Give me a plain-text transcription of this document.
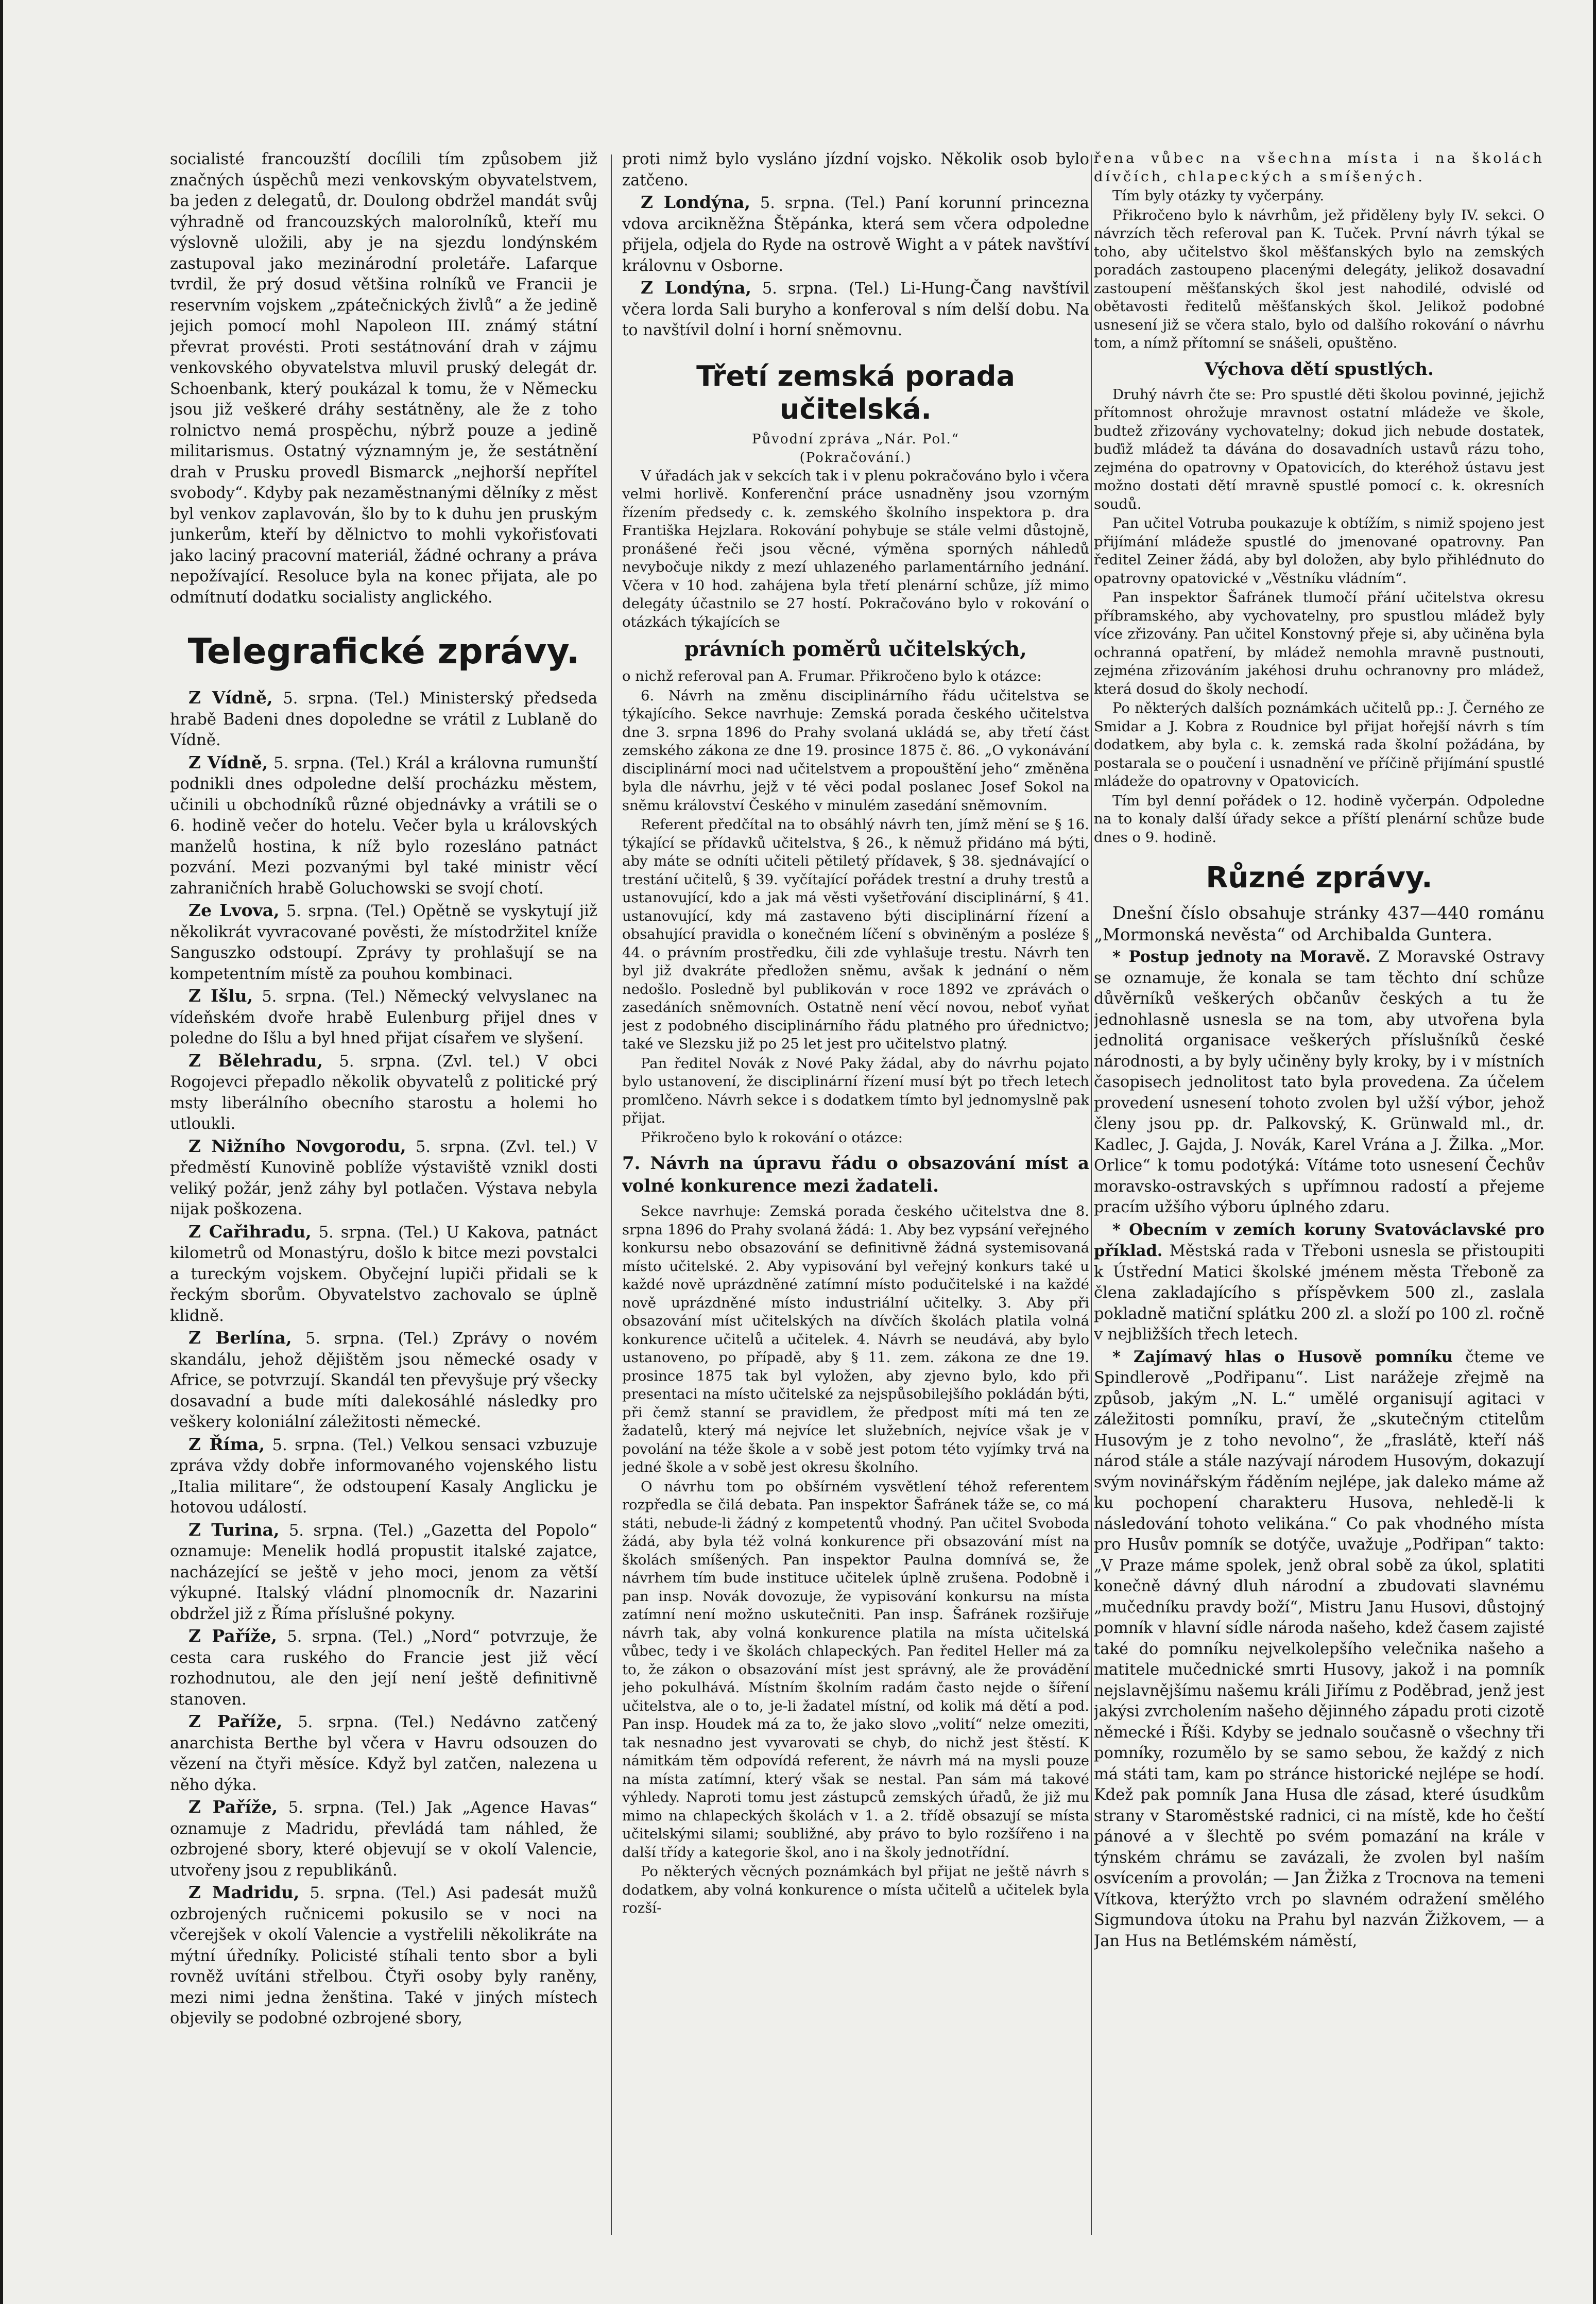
socialisté francouzští docílili tím způsobem již značných úspěchů mezi venkovským obyvatelstvem, ba jeden z delegatů, dr. Doulong obdržel mandát svůj výhradně od francouzských malorolníků, kteří mu výslovně uložili, aby je na sjezdu londýnském zastupoval jako mezinárodní proletáře. Lafarque tvrdil, že prý dosud většina rolníků ve Francii je reservním vojskem „zpátečnických živlů“ a že jedině jejich pomocí mohl Napoleon III. známý státní převrat provésti. Proti sestátnování drah v zájmu venkovského obyvatelstva mluvil pruský delegát dr. Schoenbank, který poukázal k tomu, že v Německu jsou již veškeré dráhy sestátněny, ale že z toho rolnictvo nemá prospěchu, nýbrž pouze a jedině militarismus. Ostatný významným je, že sestátnění drah v Prusku provedl Bismarck „nejhorší nepřítel svobody“. Kdyby pak nezaměstnanými dělníky z měst byl venkov zaplavován, šlo by to k duhu jen pruským junkerům, kteří by dělnictvo to mohli vykořisťovati jako laciný pracovní materiál, žádné ochrany a práva nepožívající. Resoluce byla na konec přijata, ale po odmítnutí dodatku socialisty anglického.

Telegrafické zprávy.

Z Vídně, 5. srpna. (Tel.) Ministerský předseda hrabě Badeni dnes dopoledne se vrátil z Lublaně do Vídně.

Z Vídně, 5. srpna. (Tel.) Král a královna rumunští podnikli dnes odpoledne delší procházku městem, učinili u obchodníků různé objednávky a vrátili se o 6. hodině večer do hotelu. Večer byla u královských manželů hostina, k níž bylo rozesláno patnáct pozvání. Mezi pozvanými byl také ministr věcí zahraničních hrabě Goluchowski se svojí chotí.

Ze Lvova, 5. srpna. (Tel.) Opětně se vyskytují již několikrát vyvracované pověsti, že místodržitel kníže Sanguszko odstoupí. Zprávy ty prohlašují se na kompetentním místě za pouhou kombinaci.

Z Išlu, 5. srpna. (Tel.) Německý velvyslanec na vídeňském dvoře hrabě Eulenburg přijel dnes v poledne do Išlu a byl hned přijat císařem ve slyšení.

Z Bělehradu, 5. srpna. (Zvl. tel.) V obci Rogojevci přepadlo několik obyvatelů z politické prý msty liberálního obecního starostu a holemi ho utloukli.

Z Nižního Novgorodu, 5. srpna. (Zvl. tel.) V předměstí Kunovině poblíže výstaviště vznikl dosti veliký požár, jenž záhy byl potlačen. Výstava nebyla nijak poškozena.

Z Cařihradu, 5. srpna. (Tel.) U Kakova, patnáct kilometrů od Monastýru, došlo k bitce mezi povstalci a tureckým vojskem. Obyčejní lupiči přidali se k řeckým sborům. Obyvatelstvo zachovalo se úplně klidně.

Z Berlína, 5. srpna. (Tel.) Zprávy o novém skandálu, jehož dějištěm jsou německé osady v Africe, se potvrzují. Skandál ten převyšuje prý všecky dosavadní a bude míti dalekosáhlé následky pro veškery koloniální záležitosti německé.

Z Říma, 5. srpna. (Tel.) Velkou sensaci vzbuzuje zpráva vždy dobře informovaného vojenského listu „Italia militare“, že odstoupení Kasaly Anglicku je hotovou událostí.

Z Turina, 5. srpna. (Tel.) „Gazetta del Popolo“ oznamuje: Menelik hodlá propustit italské zajatce, nacházející se ještě v jeho moci, jenom za větší výkupné. Italský vládní plnomocník dr. Nazarini obdržel již z Říma příslušné pokyny.

Z Paříže, 5. srpna. (Tel.) „Nord“ potvrzuje, že cesta cara ruského do Francie jest již věcí rozhodnutou, ale den její není ještě definitivně stanoven.

Z Paříže, 5. srpna. (Tel.) Nedávno zatčený anarchista Berthe byl včera v Havru odsouzen do vězení na čtyři měsíce. Když byl zatčen, nalezena u něho dýka.

Z Paříže, 5. srpna. (Tel.) Jak „Agence Havas“ oznamuje z Madridu, převládá tam náhled, že ozbrojené sbory, které objevují se v okolí Valencie, utvořeny jsou z republikánů.

Z Madridu, 5. srpna. (Tel.) Asi padesát mužů ozbrojených ručnicemi pokusilo se v noci na včerejšek v okolí Valencie a vystřelili několikráte na mýtní úředníky. Policisté stíhali tento sbor a byli rovněž uvítáni střelbou. Čtyři osoby byly raněny, mezi nimi jedna ženština. Také v jiných místech objevily se podobné ozbrojené sbory,

proti nimž bylo vysláno jízdní vojsko. Několik osob bylo zatčeno.

Z Londýna, 5. srpna. (Tel.) Paní korunní princezna vdova arcikněžna Štěpánka, která sem včera odpoledne přijela, odjela do Ryde na ostrově Wight a v pátek navštíví královnu v Osborne.

Z Londýna, 5. srpna. (Tel.) Li-Hung-Čang navštívil včera lorda Sali buryho a konferoval s ním delší dobu. Na to navštívil dolní i horní sněmovnu.

Třetí zemská porada učitelská.
Původní zpráva „Nár. Pol.“
(Pokračování.)

V úřadách jak v sekcích tak i v plenu pokračováno bylo i včera velmi horlivě. Konferenční práce usnadněny jsou vzorným řízením předsedy c. k. zemského školního inspektora p. dra Františka Hejzlara. Rokování pohybuje se stále velmi důstojně, pronášené řeči jsou věcné, výměna sporných náhledů nevybočuje nikdy z mezí uhlazeného parlamentárního jednání. Včera v 10 hod. zahájena byla třetí plenární schůze, jíž mimo delegáty účastnilo se 27 hostí. Pokračováno bylo v rokování o otázkách týkajících se

právních poměrů učitelských,

o nichž referoval pan A. Frumar. Přikročeno bylo k otázce:

6. Návrh na změnu disciplinárního řádu učitelstva se týkajícího. Sekce navrhuje: Zemská porada českého učitelstva dne 3. srpna 1896 do Prahy svolaná ukládá se, aby třetí část zemského zákona ze dne 19. prosince 1875 č. 86. „O vykonávání disciplinární moci nad učitelstvem a propouštění jeho“ změněna byla dle návrhu, jejž v té věci podal poslanec Josef Sokol na sněmu království Českého v minulém zasedání sněmovním.

Referent předčítal na to obsáhlý návrh ten, jímž mění se § 16. týkající se přídavků učitelstva, § 26., k němuž přidáno má býti, aby máte se odníti učiteli pětiletý přídavek, § 38. sjednávající o trestání učitelů, § 39. vyčítající pořádek trestní a druhy trestů a ustanovující, kdo a jak má věsti vyšetřování disciplinární, § 41. ustanovující, kdy má zastaveno býti disciplinární řízení a obsahující pravidla o konečném líčení s obviněným a posléze § 44. o právním prostředku, čili zde vyhlašuje trestu. Návrh ten byl již dvakráte předložen sněmu, avšak k jednání o něm nedošlo. Posledně byl publikován v roce 1892 ve zprávách o zasedáních sněmovních. Ostatně není věcí novou, neboť vyňat jest z podobného disciplinárního řádu platného pro úřednictvo; také ve Slezsku již po 25 let jest pro učitelstvo platný.

Pan ředitel Novák z Nové Paky žádal, aby do návrhu pojato bylo ustanovení, že disciplinární řízení musí být po třech letech promlčeno. Návrh sekce i s dodatkem tímto byl jednomyslně pak přijat.

Přikročeno bylo k rokování o otázce:

7. Návrh na úpravu řádu o obsazování míst a volné konkurence mezi žadateli.

Sekce navrhuje: Zemská porada českého učitelstva dne 8. srpna 1896 do Prahy svolaná žádá: 1. Aby bez vypsání veřejného konkursu nebo obsazování se definitivně žádná systemisovaná místo učitelské. 2. Aby vypisování byl veřejný konkurs také u každé nově uprázdněné zatímní místo podučitelské i na každé nově uprázdněné místo industriální učitelky. 3. Aby při obsazování míst učitelských na dívčích školách platila volná konkurence učitelů a učitelek. 4. Návrh se neudává, aby bylo ustanoveno, po případě, aby § 11. zem. zákona ze dne 19. prosince 1875 tak byl vyložen, aby zjevno bylo, kdo při presentaci na místo učitelské za nejspůsobilejšího pokládán býti, při čemž stanní se pravidlem, že předpost míti má ten ze žadatelů, který má nejvíce let služebních, nejvíce však je v povolání na téže škole a v sobě jest potom této vyjímky trvá na jedné škole a v sobě jest okresu školního.

O návrhu tom po obšírném vysvětlení téhož referentem rozpředla se čilá debata. Pan inspektor Šafránek táže se, co má státi, nebude-li žádný z kompetentů vhodný. Pan učitel Svoboda žádá, aby byla též volná konkurence při obsazování míst na školách smíšených. Pan inspektor Paulna domnívá se, že návrhem tím bude instituce učitelek úplně zrušena. Podobně i pan insp. Novák dovozuje, že vypisování konkursu na místa zatímní není možno uskutečniti. Pan insp. Šafránek rozšiřuje návrh tak, aby volná konkurence platila na místa učitelská vůbec, tedy i ve školách chlapeckých. Pan ředitel Heller má za to, že zákon o obsazování míst jest správný, ale že provádění jeho pokulhává. Místním školním radám často nejde o šíření učitelstva, ale o to, je-li žadatel místní, od kolik má dětí a pod. Pan insp. Houdek má za to, že jako slovo „volití“ nelze omeziti, tak nesnadno jest vyvarovati se chyb, do nichž jest štěstí. K námitkám těm odpovídá referent, že návrh má na mysli pouze na místa zatímní, který však se nestal. Pan sám má takové výhledy. Naproti tomu jest zástupců zemských úřadů, že již mu mimo na chlapeckých školách v 1. a 2. třídě obsazují se místa učitelskými silami; soubližné, aby právo to bylo rozšířeno i na další třídy a kategorie škol, ano i na školy jednotřídní.

Po některých věcných poznámkách byl přijat ne ještě návrh s dodatkem, aby volná konkurence o místa učitelů a učitelek byla rozší-

řena vůbec na všechna místa i na školách dívčích, chlapeckých a smíšených.

Tím byly otázky ty vyčerpány.

Přikročeno bylo k návrhům, jež přiděleny byly IV. sekci. O návrzích těch referoval pan K. Tuček. První návrh týkal se toho, aby učitelstvo škol měšťanských bylo na zemských poradách zastoupeno placenými delegáty, jelikož dosavadní zastoupení měšťanských škol jest nahodilé, odvislé od obětavosti ředitelů měšťanských škol. Jelikož podobné usnesení již se včera stalo, bylo od dalšího rokování o návrhu tom, a nímž přítomní se snášeli, opuštěno.

Výchova dětí spustlých.

Druhý návrh čte se: Pro spustlé děti školou povinné, jejichž přítomnost ohrožuje mravnost ostatní mládeže ve škole, budtež zřizovány vychovatelny; dokud jich nebude dostatek, buďiž mládež ta dávána do dosavadních ustavů rázu toho, zejména do opatrovny v Opatovicích, do kteréhož ústavu jest možno dostati dětí mravně spustlé pomocí c. k. okresních soudů.

Pan učitel Votruba poukazuje k obtížím, s nimiž spojeno jest přijímání mládeže spustlé do jmenované opatrovny. Pan ředitel Zeiner žádá, aby byl doložen, aby bylo přihlédnuto do opatrovny opatovické v „Věstníku vládním“.

Pan inspektor Šafránek tlumočí přání učitelstva okresu příbramského, aby vychovatelny, pro spustlou mládež byly více zřizovány. Pan učitel Konstovný přeje si, aby učiněna byla ochranná opatření, by mládež nemohla mravně pustnouti, zejména zřizováním jakéhosi druhu ochranovny pro mládež, která dosud do školy nechodí.

Po některých dalších poznámkách učitelů pp.: J. Černého ze Smidar a J. Kobra z Roudnice byl přijat hořejší návrh s tím dodatkem, aby byla c. k. zemská rada školní požádána, by postarala se o poučení i usnadnění ve příčině přijímání spustlé mládeže do opatrovny v Opatovicích.

Tím byl denní pořádek o 12. hodině vyčerpán. Odpoledne na to konaly další úřady sekce a příští plenární schůze bude dnes o 9. hodině.

Různé zprávy.

Dnešní číslo obsahuje stránky 437—440 románu „Mormonská nevěsta“ od Archibalda Guntera.

* Postup jednoty na Moravě. Z Moravské Ostravy se oznamuje, že konala se tam těchto dní schůze důvěrníků veškerých občanův českých a tu že jednohlasně usnesla se na tom, aby utvořena byla jednolitá organisace veškerých příslušníků české národnosti, a by byly učiněny byly kroky, by i v místních časopisech jednolitost tato byla provedena. Za účelem provedení usnesení tohoto zvolen byl užší výbor, jehož členy jsou pp. dr. Palkovský, K. Grünwald ml., dr. Kadlec, J. Gajda, J. Novák, Karel Vrána a J. Žilka. „Mor. Orlice“ k tomu podotýká: Vítáme toto usnesení Čechův moravsko-ostravských s upřímnou radostí a přejeme pracím užšího výboru úplného zdaru.

* Obecním v zemích koruny Svatováclavské pro příklad. Městská rada v Třeboni usnesla se přistoupiti k Ústřední Matici školské jménem města Třeboně za člena zakladajícího s příspěvkem 500 zl., zaslala pokladně matiční splátku 200 zl. a složí po 100 zl. ročně v nejbližších třech letech.

* Zajímavý hlas o Husově pomníku čteme ve Spindlerově „Podřipanu“. List narážeje zřejmě na způsob, jakým „N. L.“ umělé organisují agitaci v záležitosti pomníku, praví, že „skutečným ctitelům Husovým je z toho nevolno“, že „fraslátě, kteří náš národ stále a stále nazývají národem Husovým, dokazují svým novinářským řáděním nejlépe, jak daleko máme až ku pochopení charakteru Husova, nehledě-li k následování tohoto velikána.“ Co pak vhodného místa pro Husův pomník se dotýče, uvažuje „Podřipan“ takto: „V Praze máme spolek, jenž obral sobě za úkol, splatiti konečně dávný dluh národní a zbudovati slavnému „mučedníku pravdy boží“, Mistru Janu Husovi, důstojný pomník v hlavní sídle národa našeho, kdež časem zajisté také do pomníku nejvelkolepšího velečnika našeho a matitele mučednické smrti Husovy, jakož i na pomník nejslavnějšímu našemu králi Jiřímu z Poděbrad, jenž jest jakýsi zvrcholením našeho dějinného západu proti cizotě německé i Říši. Kdyby se jednalo současně o všechny tři pomníky, rozumělo by se samo sebou, že každý z nich má státi tam, kam po stránce historické nejlépe se hodí. Kdež pak pomník Jana Husa dle zásad, které úsudkům strany v Staroměstské radnici, ci na místě, kde ho čeští pánové a v šlechtě po svém pomazání na krále v týnském chrámu se zavázali, že zvolen byl naším osvícením a provolán; — Jan Žižka z Trocnova na temeni Vítkova, kterýžto vrch po slavném odražení smělého Sigmundova útoku na Prahu byl nazván Žižkovem, — a Jan Hus na Betlémském náměstí,
